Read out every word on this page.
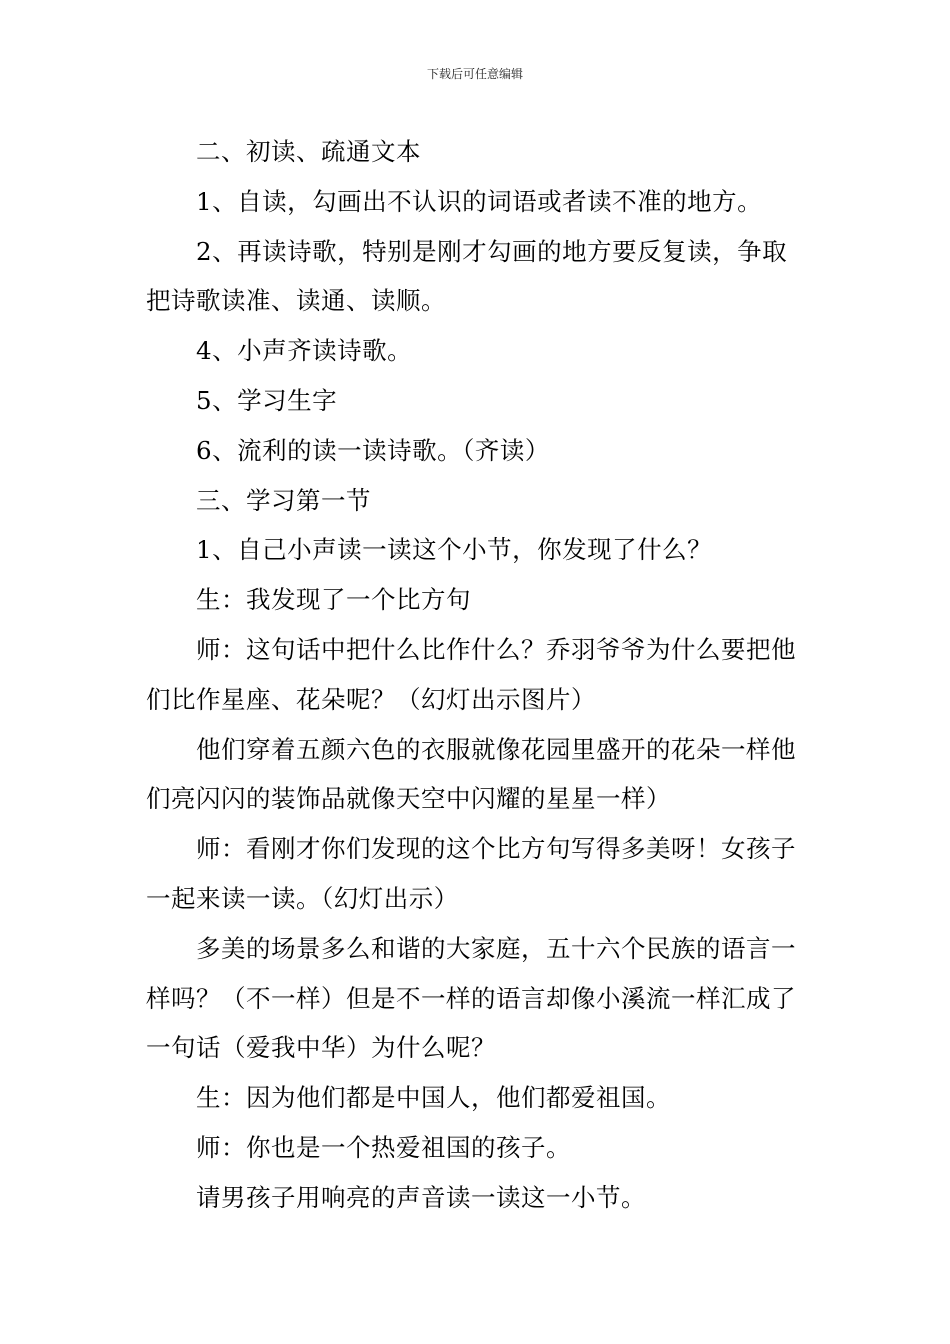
下载后可任意编辑

二、初读、疏通文本

1、自读，勾画出不认识的词语或者读不准的地方。

2、再读诗歌，特别是刚才勾画的地方要反复读，争取把诗歌读准、读通、读顺。

4、小声齐读诗歌。

5、学习生字

6、流利的读一读诗歌。（齐读）

三、学习第一节

1、自己小声读一读这个小节，你发现了什么？

生：我发现了一个比方句

师：这句话中把什么比作什么？乔羽爷爷为什么要把他们比作星座、花朵呢？（幻灯出示图片）

他们穿着五颜六色的衣服就像花园里盛开的花朵一样他们亮闪闪的装饰品就像天空中闪耀的星星一样）

师：看刚才你们发现的这个比方句写得多美呀！女孩子一起来读一读。（幻灯出示）

多美的场景多么和谐的大家庭，五十六个民族的语言一样吗？（不一样）但是不一样的语言却像小溪流一样汇成了一句话（爱我中华）为什么呢？

生：因为他们都是中国人，他们都爱祖国。

师：你也是一个热爱祖国的孩子。

请男孩子用响亮的声音读一读这一小节。
